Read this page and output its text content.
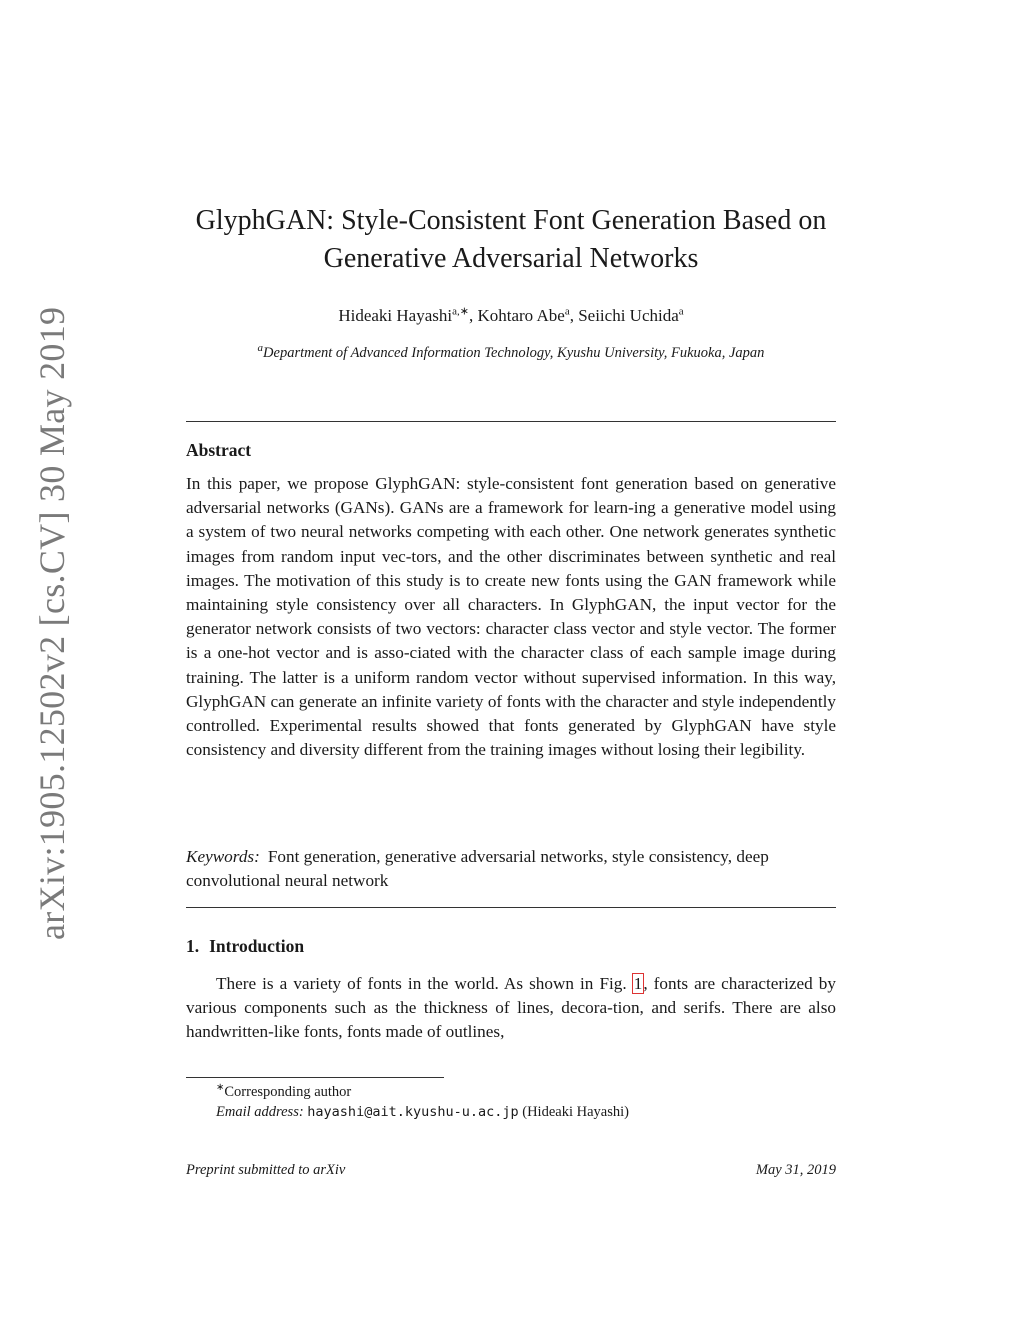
arXiv:1905.12502v2 [cs.CV] 30 May 2019
GlyphGAN: Style-Consistent Font Generation Based on
Generative Adversarial Networks
Hideaki Hayashi$^{a,∗}$, Kohtaro Abe$^a$, Seiichi Uchida$^a$
$^a$Department of Advanced Information Technology, Kyushu University, Fukuoka, Japan
Abstract
In this paper, we propose GlyphGAN: style-consistent font generation based on generative adversarial networks (GANs). GANs are a framework for learn-ing a generative model using a system of two neural networks competing with each other. One network generates synthetic images from random input vec-tors, and the other discriminates between synthetic and real images. The motivation of this study is to create new fonts using the GAN framework while maintaining style consistency over all characters. In GlyphGAN, the input vector for the generator network consists of two vectors: character class vector and style vector. The former is a one-hot vector and is asso-ciated with the character class of each sample image during training. The latter is a uniform random vector without supervised information. In this way, GlyphGAN can generate an infinite variety of fonts with the character and style independently controlled. Experimental results showed that fonts generated by GlyphGAN have style consistency and diversity different from the training images without losing their legibility.
Keywords: Font generation, generative adversarial networks, style consistency, deep convolutional neural network
1. Introduction
There is a variety of fonts in the world. As shown in Fig. 1, fonts are characterized by various components such as the thickness of lines, decora-tion, and serifs. There are also handwritten-like fonts, fonts made of outlines,
∗Corresponding author
Email address: hayashi@ait.kyushu-u.ac.jp (Hideaki Hayashi)
Preprint submitted to arXiv	May 31, 2019
